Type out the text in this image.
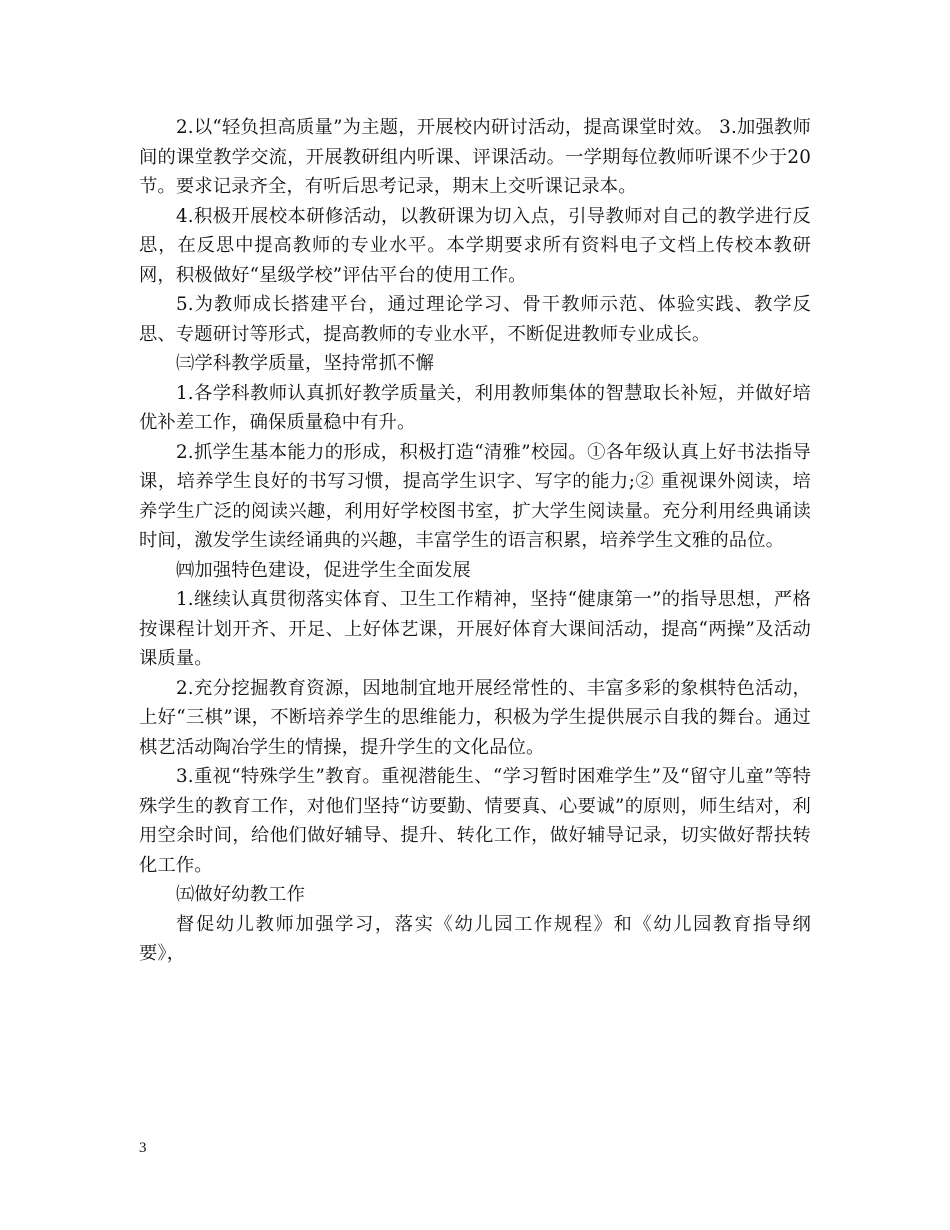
2.以“轻负担高质量”为主题，开展校内研讨活动，提高课堂时效。 3.加强教师间的课堂教学交流，开展教研组内听课、评课活动。一学期每位教师听课不少于20节。要求记录齐全，有听后思考记录，期末上交听课记录本。

4.积极开展校本研修活动，以教研课为切入点，引导教师对自己的教学进行反思，在反思中提高教师的专业水平。本学期要求所有资料电子文档上传校本教研网，积极做好“星级学校”评估平台的使用工作。

5.为教师成长搭建平台，通过理论学习、骨干教师示范、体验实践、教学反思、专题研讨等形式，提高教师的专业水平，不断促进教师专业成长。

㈢学科教学质量，坚持常抓不懈

1.各学科教师认真抓好教学质量关，利用教师集体的智慧取长补短，并做好培优补差工作，确保质量稳中有升。

2.抓学生基本能力的形成，积极打造“清雅”校园。①各年级认真上好书法指导课，培养学生良好的书写习惯，提高学生识字、写字的能力;② 重视课外阅读，培养学生广泛的阅读兴趣，利用好学校图书室，扩大学生阅读量。充分利用经典诵读时间，激发学生读经诵典的兴趣，丰富学生的语言积累，培养学生文雅的品位。

㈣加强特色建设，促进学生全面发展

1.继续认真贯彻落实体育、卫生工作精神，坚持“健康第一”的指导思想，严格按课程计划开齐、开足、上好体艺课，开展好体育大课间活动，提高“两操”及活动课质量。

2.充分挖掘教育资源，因地制宜地开展经常性的、丰富多彩的象棋特色活动，上好“三棋”课，不断培养学生的思维能力，积极为学生提供展示自我的舞台。通过棋艺活动陶冶学生的情操，提升学生的文化品位。

3.重视“特殊学生”教育。重视潜能生、“学习暂时困难学生”及“留守儿童”等特殊学生的教育工作，对他们坚持“访要勤、情要真、心要诚”的原则，师生结对，利用空余时间，给他们做好辅导、提升、转化工作，做好辅导记录，切实做好帮扶转化工作。

㈤做好幼教工作

督促幼儿教师加强学习，落实《幼儿园工作规程》和《幼儿园教育指导纲要》，

3
